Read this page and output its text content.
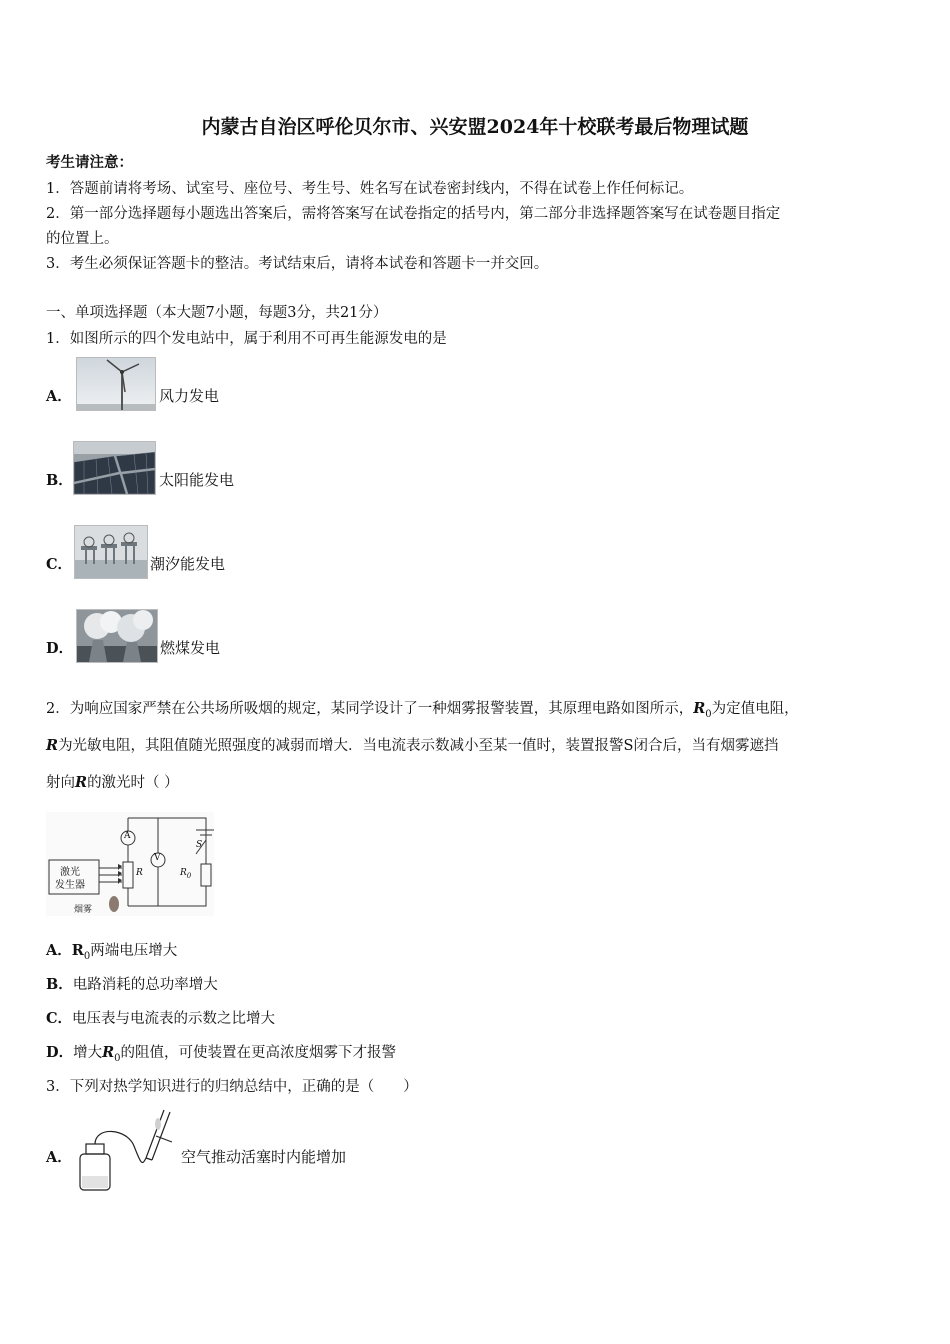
内蒙古自治区呼伦贝尔市、兴安盟2024年十校联考最后物理试题
考生请注意：
1．答题前请将考场、试室号、座位号、考生号、姓名写在试卷密封线内，不得在试卷上作任何标记。
2．第一部分选择题每小题选出答案后，需将答案写在试卷指定的括号内，第二部分非选择题答案写在试卷题目指定
的位置上。
3．考生必须保证答题卡的整洁。考试结束后，请将本试卷和答题卡一并交回。
一、单项选择题（本大题7小题，每题3分，共21分）
1．如图所示的四个发电站中，属于利用不可再生能源发电的是
A．	风力发电
B．	太阳能发电
C．	潮汐能发电
D．	燃煤发电
2．为响应国家严禁在公共场所吸烟的规定，某同学设计了一种烟雾报警装置，其原理电路如图所示，$R_0$为定值电阻，
R为光敏电阻，其阻值随光照强度的减弱而增大．当电流表示数减小至某一值时，装置报警S闭合后，当有烟雾遮挡
射向R的激光时（ ）
A
V
激光
发生器
R	$R_0$
S
烟雾
A．$R_0$两端电压增大
B．电路消耗的总功率增大
C．电压表与电流表的示数之比增大
D．增大$R_0$的阻值，可使装置在更高浓度烟雾下才报警
3．下列对热学知识进行的归纳总结中，正确的是（　　）
A．	空气推动活塞时内能增加
